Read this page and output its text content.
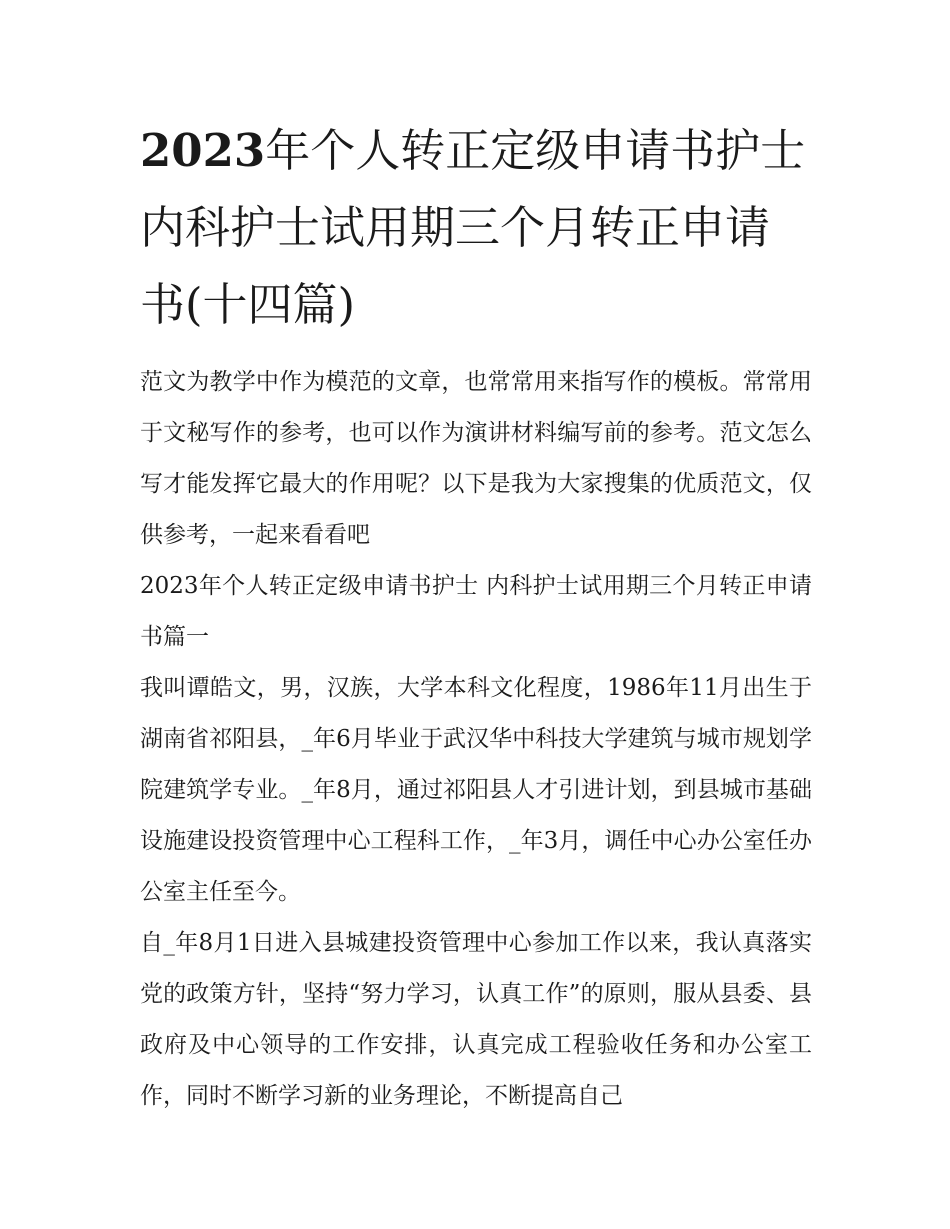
2023年个人转正定级申请书护士 内科护士试用期三个月转正申请书(十四篇)

范文为教学中作为模范的文章，也常常用来指写作的模板。常常用于文秘写作的参考，也可以作为演讲材料编写前的参考。范文怎么写才能发挥它最大的作用呢？以下是我为大家搜集的优质范文，仅供参考，一起来看看吧

2023年个人转正定级申请书护士 内科护士试用期三个月转正申请书篇一

我叫谭皓文，男，汉族，大学本科文化程度，1986年11月出生于湖南省祁阳县，_年6月毕业于武汉华中科技大学建筑与城市规划学院建筑学专业。_年8月，通过祁阳县人才引进计划，到县城市基础设施建设投资管理中心工程科工作，_年3月，调任中心办公室任办公室主任至今。

自_年8月1日进入县城建投资管理中心参加工作以来，我认真落实党的政策方针，坚持“努力学习，认真工作”的原则，服从县委、县政府及中心领导的工作安排，认真完成工程验收任务和办公室工作，同时不断学习新的业务理论，不断提高自己
